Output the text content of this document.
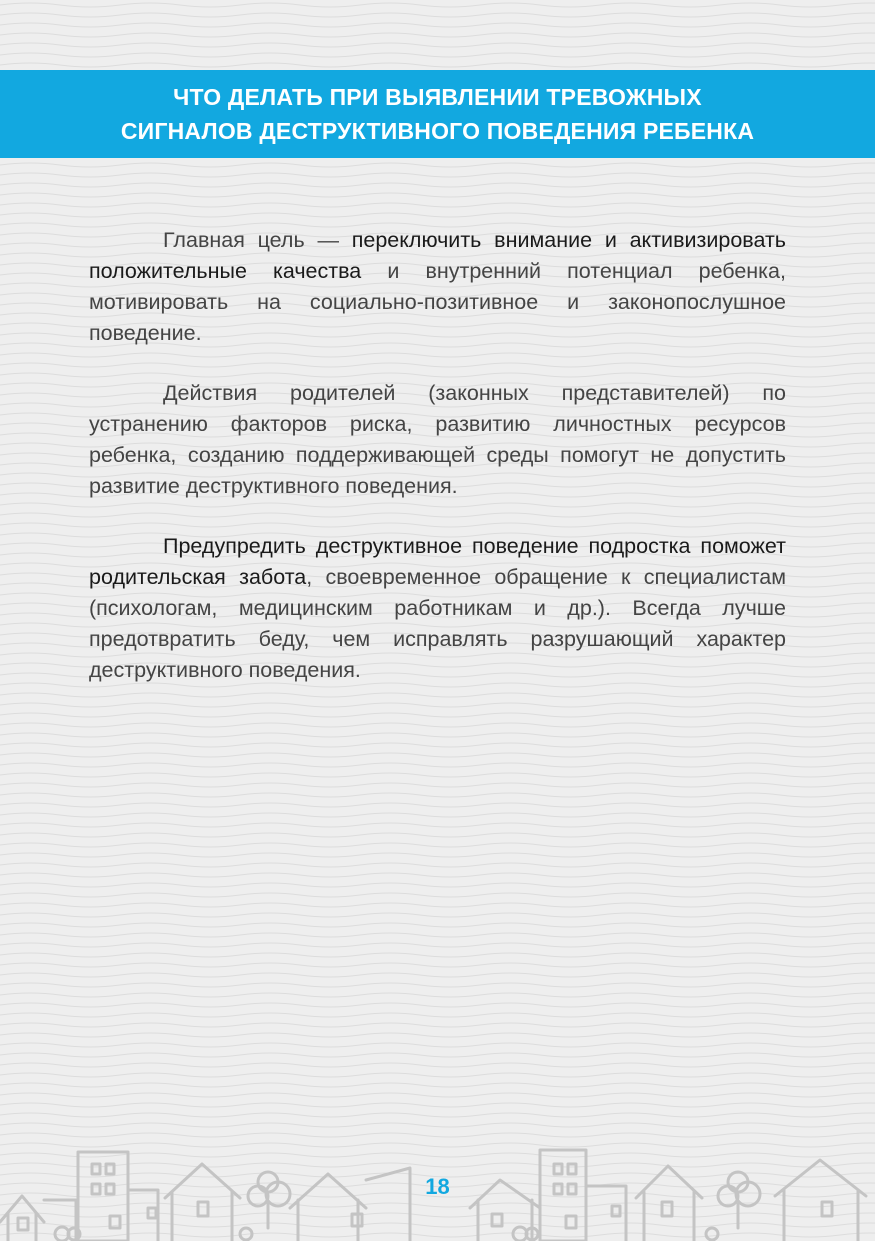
ЧТО ДЕЛАТЬ ПРИ ВЫЯВЛЕНИИ ТРЕВОЖНЫХ
СИГНАЛОВ ДЕСТРУКТИВНОГО ПОВЕДЕНИЯ РЕБЕНКА

Главная цель — переключить внимание и активизировать положительные качества и внутренний потенциал ребенка, мотивировать на социально-позитивное и законопослушное поведение.

Действия родителей (законных представителей) по устранению факторов риска, развитию личностных ресурсов ребенка, созданию поддерживающей среды помогут не допустить развитие деструктивного поведения.

Предупредить деструктивное поведение подростка поможет родительская забота, своевременное обращение к специалистам (психологам, медицинским работникам и др.). Всегда лучше предотвратить беду, чем исправлять разрушающий характер деструктивного поведения.

18
